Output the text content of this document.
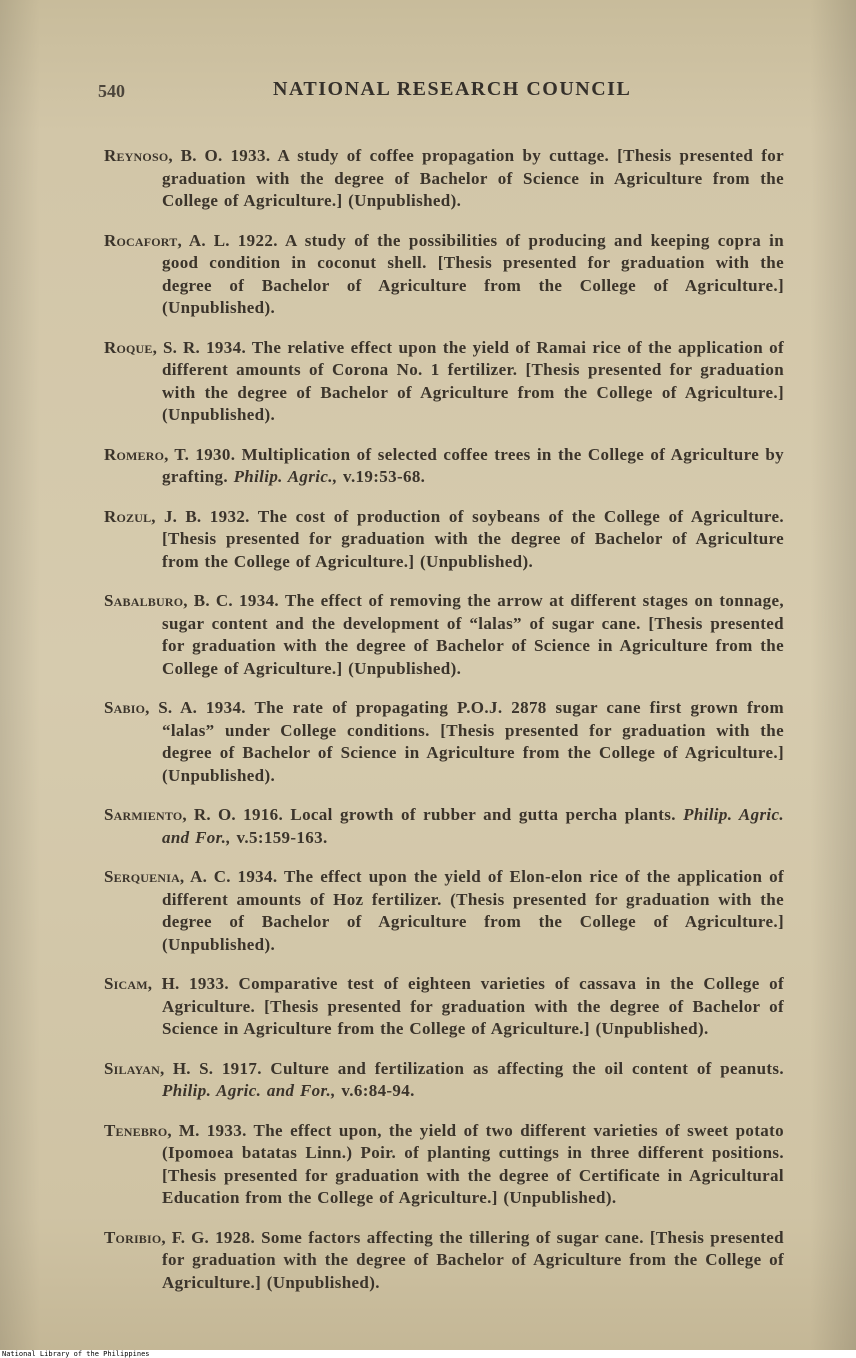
540	NATIONAL RESEARCH COUNCIL

Reynoso, B. O. 1933. A study of coffee propagation by cuttage. [Thesis presented for graduation with the degree of Bachelor of Science in Agriculture from the College of Agriculture.] (Unpublished).

Rocafort, A. L. 1922. A study of the possibilities of producing and keeping copra in good condition in coconut shell. [Thesis presented for graduation with the degree of Bachelor of Agriculture from the College of Agriculture.] (Unpublished).

Roque, S. R. 1934. The relative effect upon the yield of Ramai rice of the application of different amounts of Corona No. 1 fertilizer. [Thesis presented for graduation with the degree of Bachelor of Agriculture from the College of Agriculture.] (Unpublished).

Romero, T. 1930. Multiplication of selected coffee trees in the College of Agriculture by grafting. Philip. Agric., v.19:53-68.

Rozul, J. B. 1932. The cost of production of soybeans of the College of Agriculture. [Thesis presented for graduation with the degree of Bachelor of Agriculture from the College of Agriculture.] (Unpublished).

Sabalburo, B. C. 1934. The effect of removing the arrow at different stages on tonnage, sugar content and the development of “lalas” of sugar cane. [Thesis presented for graduation with the degree of Bachelor of Science in Agriculture from the College of Agriculture.] (Unpublished).

Sabio, S. A. 1934. The rate of propagating P.O.J. 2878 sugar cane first grown from “lalas” under College conditions. [Thesis presented for graduation with the degree of Bachelor of Science in Agriculture from the College of Agriculture.] (Unpublished).

Sarmiento, R. O. 1916. Local growth of rubber and gutta percha plants. Philip. Agric. and For., v.5:159-163.

Serquenia, A. C. 1934. The effect upon the yield of Elon-elon rice of the application of different amounts of Hoz fertilizer. (Thesis presented for graduation with the degree of Bachelor of Agriculture from the College of Agriculture.] (Unpublished).

Sicam, H. 1933. Comparative test of eighteen varieties of cassava in the College of Agriculture. [Thesis presented for graduation with the degree of Bachelor of Science in Agriculture from the College of Agriculture.] (Unpublished).

Silayan, H. S. 1917. Culture and fertilization as affecting the oil content of peanuts. Philip. Agric. and For., v.6:84-94.

Tenebro, M. 1933. The effect upon, the yield of two different varieties of sweet potato (Ipomoea batatas Linn.) Poir. of planting cuttings in three different positions. [Thesis presented for graduation with the degree of Certificate in Agricultural Education from the College of Agriculture.] (Unpublished).

Toribio, F. G. 1928. Some factors affecting the tillering of sugar cane. [Thesis presented for graduation with the degree of Bachelor of Agriculture from the College of Agriculture.] (Unpublished).

National Library of the Philippines
